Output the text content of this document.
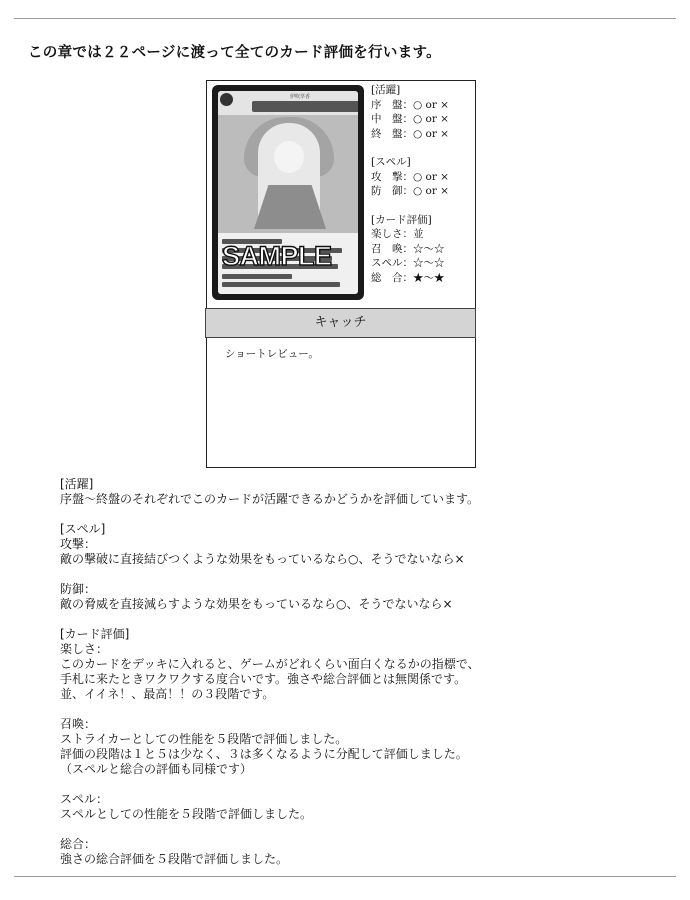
この章では２２ページに渡って全てのカード評価を行います。
伊吹萃香
SAMPLE
[活躍]
序　盤：○ or ×
中　盤：○ or ×
終　盤：○ or ×
[スペル]
攻　撃：○ or ×
防　御：○ or ×
[カード評価]
楽しさ：並
召　喚：☆～☆
スペル：☆～☆
総　合：★～★
キャッチ
ショートレビュー。

[活躍]

序盤～終盤のそれぞれでこのカードが活躍できるかどうかを評価しています。

[スペル]

攻撃：

敵の撃破に直接結びつくような効果をもっているなら○、そうでないなら×

防御：

敵の脅威を直接減らすような効果をもっているなら○、そうでないなら×

[カード評価]

楽しさ：

このカードをデッキに入れると、ゲームがどれくらい面白くなるかの指標で、

手札に来たときワクワクする度合いです。強さや総合評価とは無関係です。

並、イイネ！、最高！！の３段階です。

召喚：

ストライカーとしての性能を５段階で評価しました。

評価の段階は１と５は少なく、３は多くなるように分配して評価しました。

（スペルと総合の評価も同様です）

スペル：

スペルとしての性能を５段階で評価しました。

総合：

強さの総合評価を５段階で評価しました。
